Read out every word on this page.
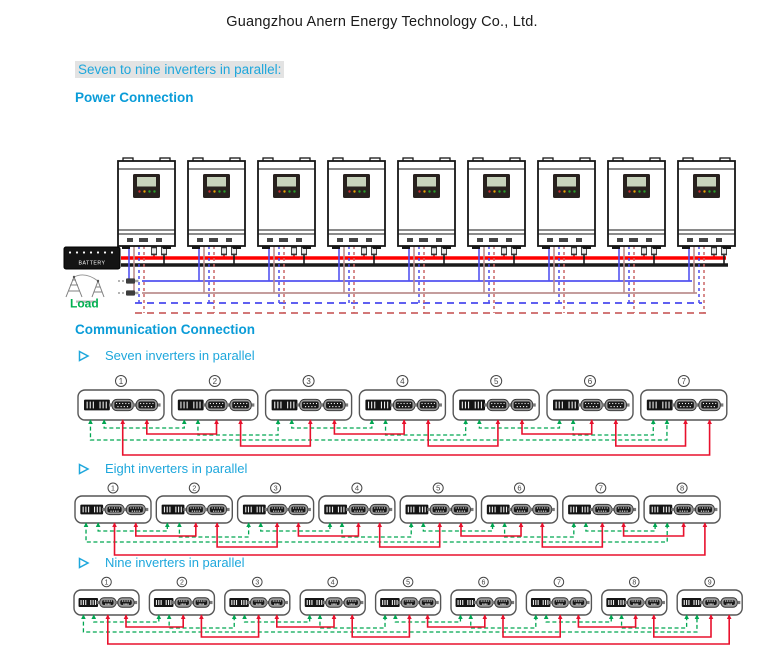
Guangzhou Anern Energy Technology Co., Ltd.
Seven to nine inverters in parallel:
Power Connection
BATTERY
Load
Communication Connection
Seven inverters in parallel
1	2	3	4	5	6	7
Eight inverters in parallel
1	2	3	4	5	6	7	8
Nine inverters in parallel
1	2	3	4	5	6	7	8	9
